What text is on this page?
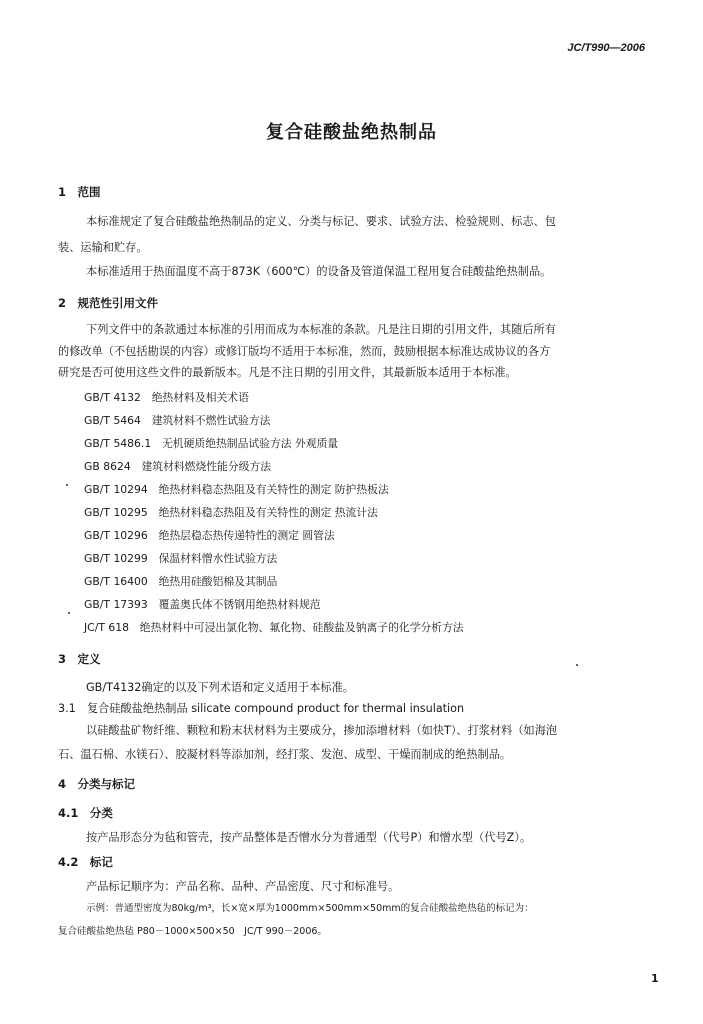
JC/T990—2006
复合硅酸盐绝热制品
1　范围
本标准规定了复合硅酸盐绝热制品的定义、分类与标记、要求、试验方法、检验规则、标志、包
装、运输和贮存。
本标准适用于热面温度不高于873K（600℃）的设备及管道保温工程用复合硅酸盐绝热制品。
2　规范性引用文件
下列文件中的条款通过本标准的引用而成为本标准的条款。凡是注日期的引用文件，其随后所有
的修改单（不包括勘误的内容）或修订版均不适用于本标准，然而，鼓励根据本标准达成协议的各方
研究是否可使用这些文件的最新版本。凡是不注日期的引用文件，其最新版本适用于本标准。
GB/T 4132　绝热材料及相关术语
GB/T 5464　建筑材料不燃性试验方法
GB/T 5486.1　无机硬质绝热制品试验方法 外观质量
GB 8624　建筑材料燃烧性能分级方法
GB/T 10294　绝热材料稳态热阻及有关特性的测定 防护热板法
GB/T 10295　绝热材料稳态热阻及有关特性的测定 热流计法
GB/T 10296　绝热层稳态热传递特性的测定 圆管法
GB/T 10299　保温材料憎水性试验方法
GB/T 16400　绝热用硅酸铝棉及其制品
GB/T 17393　覆盖奥氏体不锈钢用绝热材料规范
JC/T 618　绝热材料中可浸出氯化物、氟化物、硅酸盐及钠离子的化学分析方法
3　定义
GB/T4132确定的以及下列术语和定义适用于本标准。
3.1　复合硅酸盐绝热制品 silicate compound product for thermal insulation
以硅酸盐矿物纤维、颗粒和粉末状材料为主要成分，掺加添增材料（如快T）、打浆材料（如海泡
石、温石棉、水镁石）、胶凝材料等添加剂，经打浆、发泡、成型、干燥而制成的绝热制品。
4　分类与标记
4.1　分类
按产品形态分为毡和管壳，按产品整体是否憎水分为普通型（代号P）和憎水型（代号Z）。
4.2　标记
产品标记顺序为：产品名称、品种、产品密度、尺寸和标准号。
示例：普通型密度为80kg/m³，长×宽×厚为1000mm×500mm×50mm的复合硅酸盐绝热毡的标记为：
复合硅酸盐绝热毡 P80－1000×500×50　JC/T 990－2006。
1
